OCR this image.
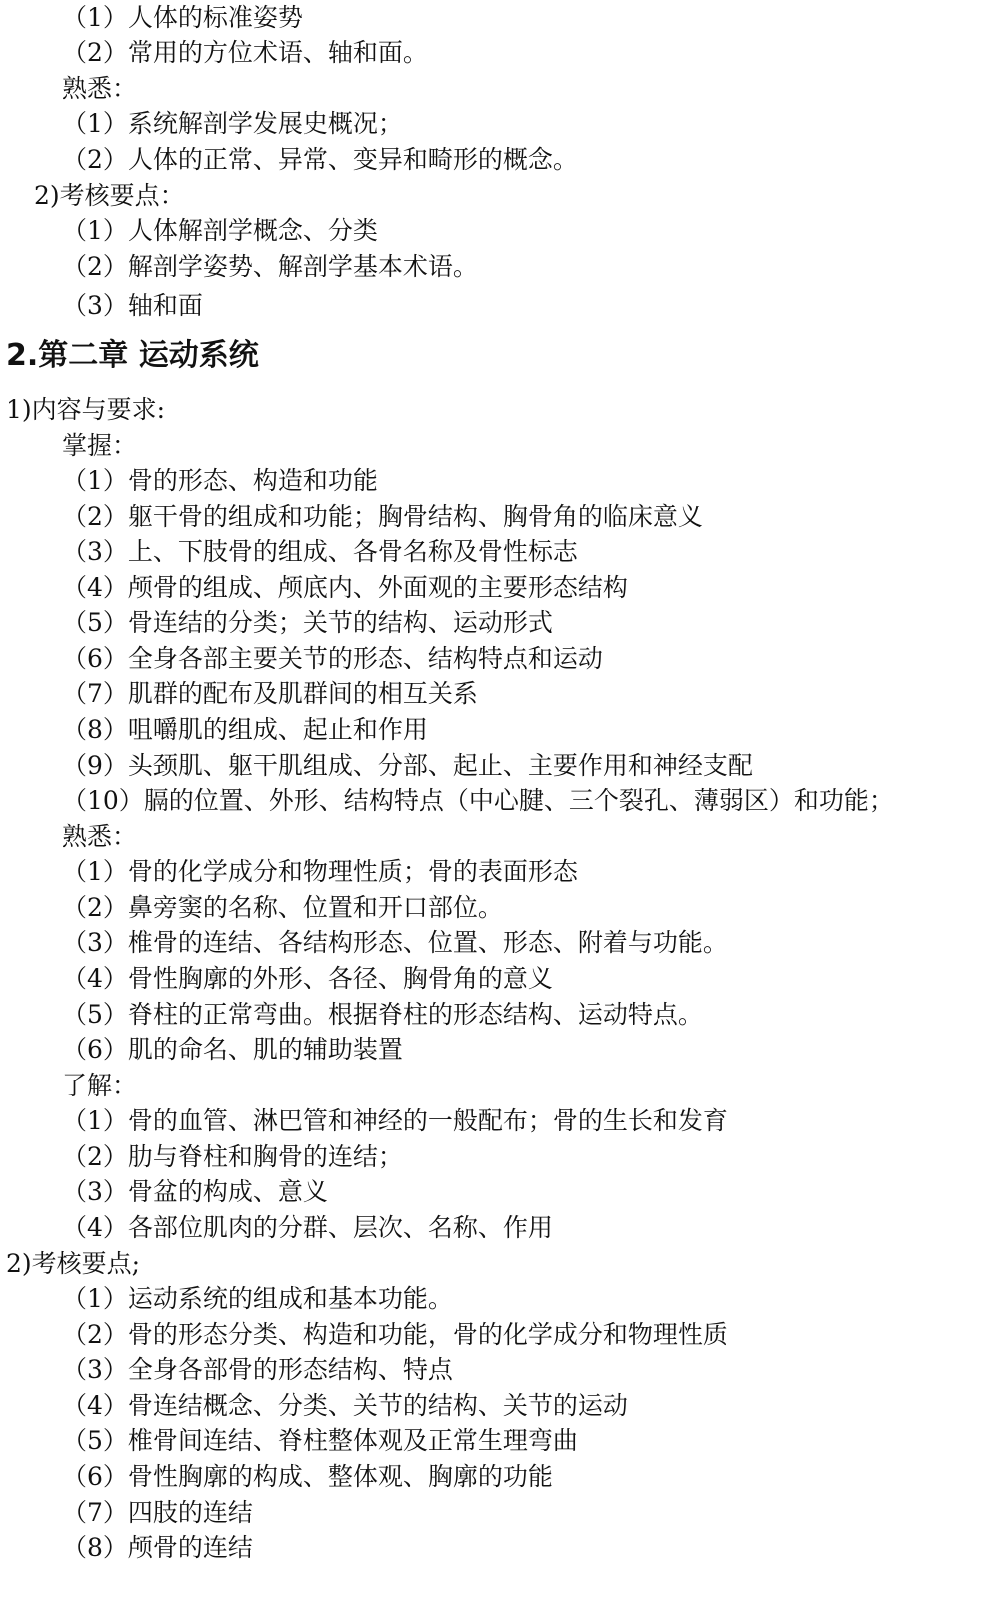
（1）人体的标准姿势
（2）常用的方位术语、轴和面。
熟悉：
（1）系统解剖学发展史概况；
（2）人体的正常、异常、变异和畸形的概念。
2)考核要点：
（1）人体解剖学概念、分类
（2）解剖学姿势、解剖学基本术语。
（3）轴和面
2.第二章 运动系统
1)内容与要求:
掌握：
（1）骨的形态、构造和功能
（2）躯干骨的组成和功能；胸骨结构、胸骨角的临床意义
（3）上、下肢骨的组成、各骨名称及骨性标志
（4）颅骨的组成、颅底内、外面观的主要形态结构
（5）骨连结的分类；关节的结构、运动形式
（6）全身各部主要关节的形态、结构特点和运动
（7）肌群的配布及肌群间的相互关系
（8）咀嚼肌的组成、起止和作用
（9）头颈肌、躯干肌组成、分部、起止、主要作用和神经支配
（10）膈的位置、外形、结构特点（中心腱、三个裂孔、薄弱区）和功能；
熟悉：
（1）骨的化学成分和物理性质；骨的表面形态
（2）鼻旁窦的名称、位置和开口部位。
（3）椎骨的连结、各结构形态、位置、形态、附着与功能。
（4）骨性胸廓的外形、各径、胸骨角的意义
（5）脊柱的正常弯曲。根据脊柱的形态结构、运动特点。
（6）肌的命名、肌的辅助装置
了解：
（1）骨的血管、淋巴管和神经的一般配布；骨的生长和发育
（2）肋与脊柱和胸骨的连结；
（3）骨盆的构成、意义
（4）各部位肌肉的分群、层次、名称、作用
2)考核要点;
（1）运动系统的组成和基本功能。
（2）骨的形态分类、构造和功能，骨的化学成分和物理性质
（3）全身各部骨的形态结构、特点
（4）骨连结概念、分类、关节的结构、关节的运动
（5）椎骨间连结、脊柱整体观及正常生理弯曲
（6）骨性胸廓的构成、整体观、胸廓的功能
（7）四肢的连结
（8）颅骨的连结
